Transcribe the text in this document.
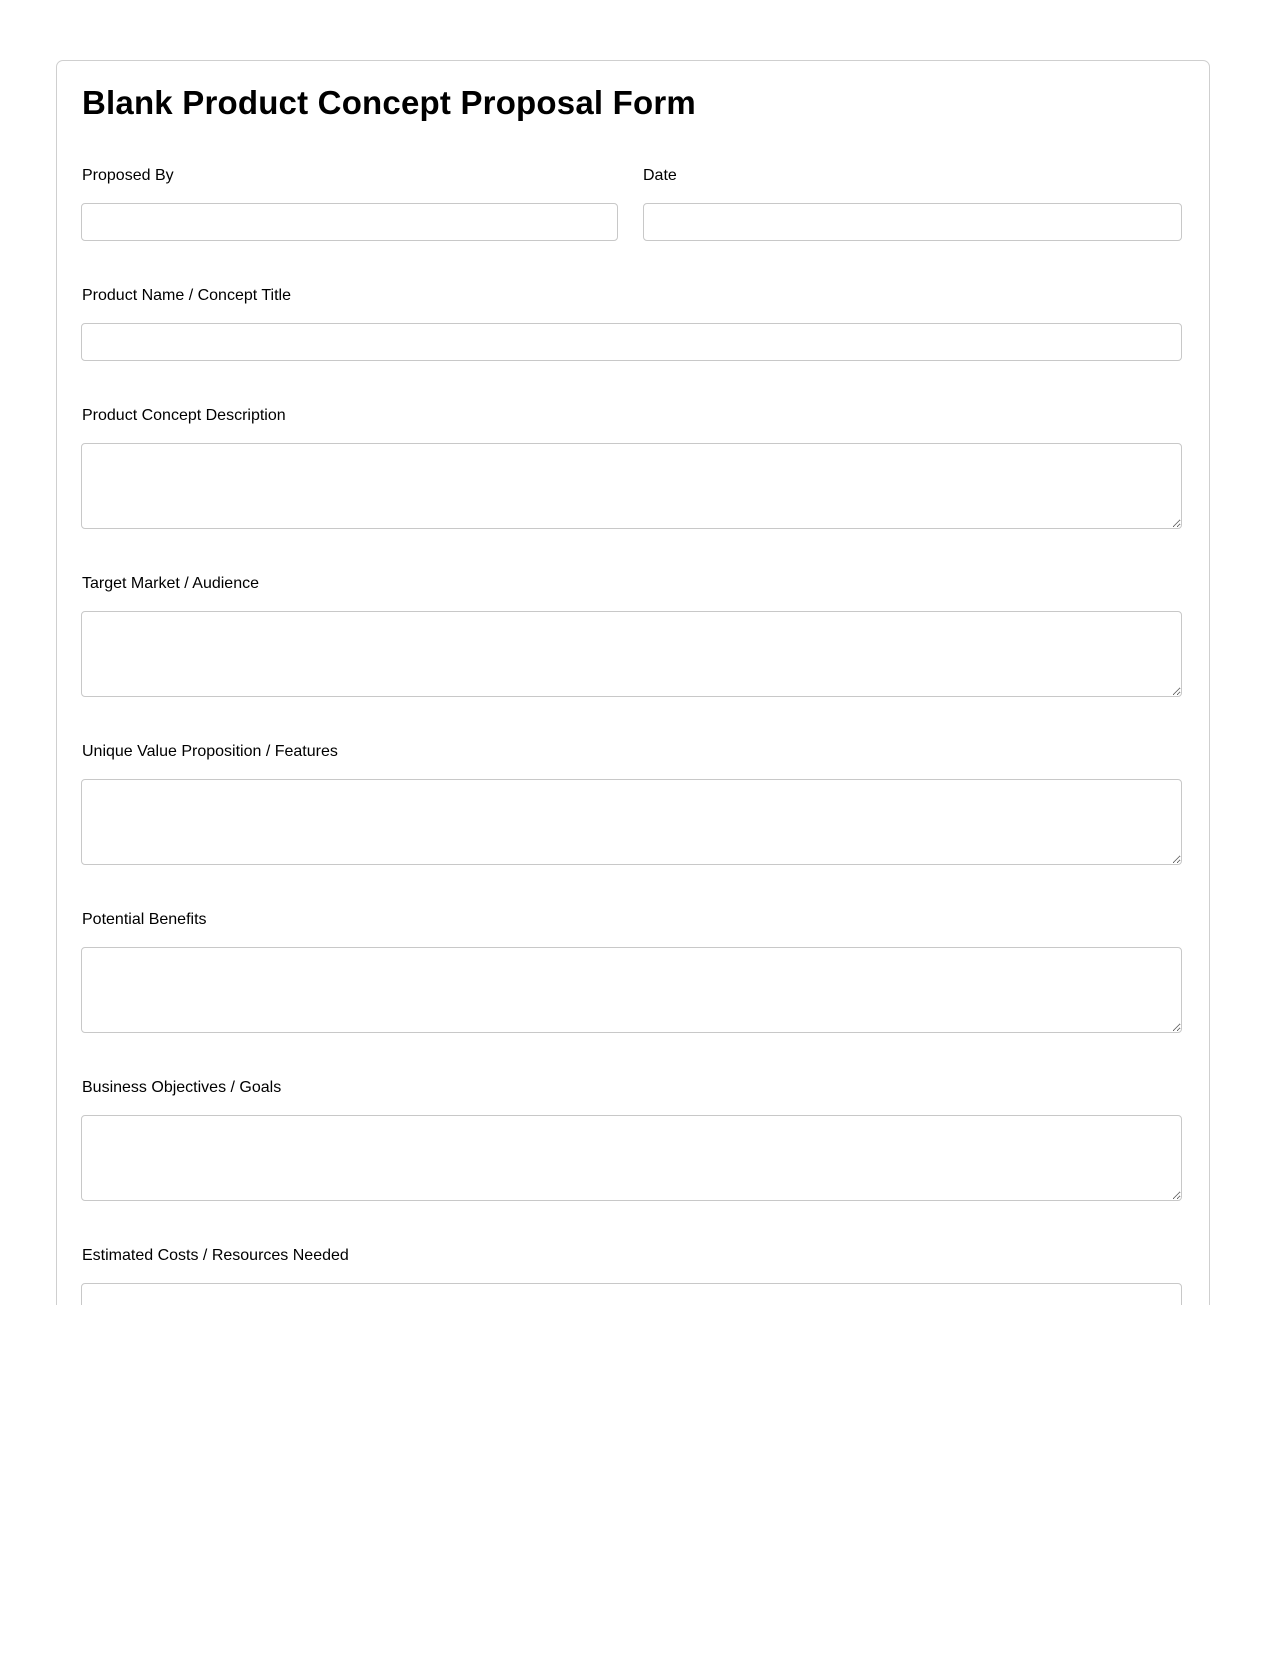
Blank Product Concept Proposal Form
Proposed By	Date
Product Name / Concept Title
Product Concept Description
Target Market / Audience
Unique Value Proposition / Features
Potential Benefits
Business Objectives / Goals
Estimated Costs / Resources Needed
